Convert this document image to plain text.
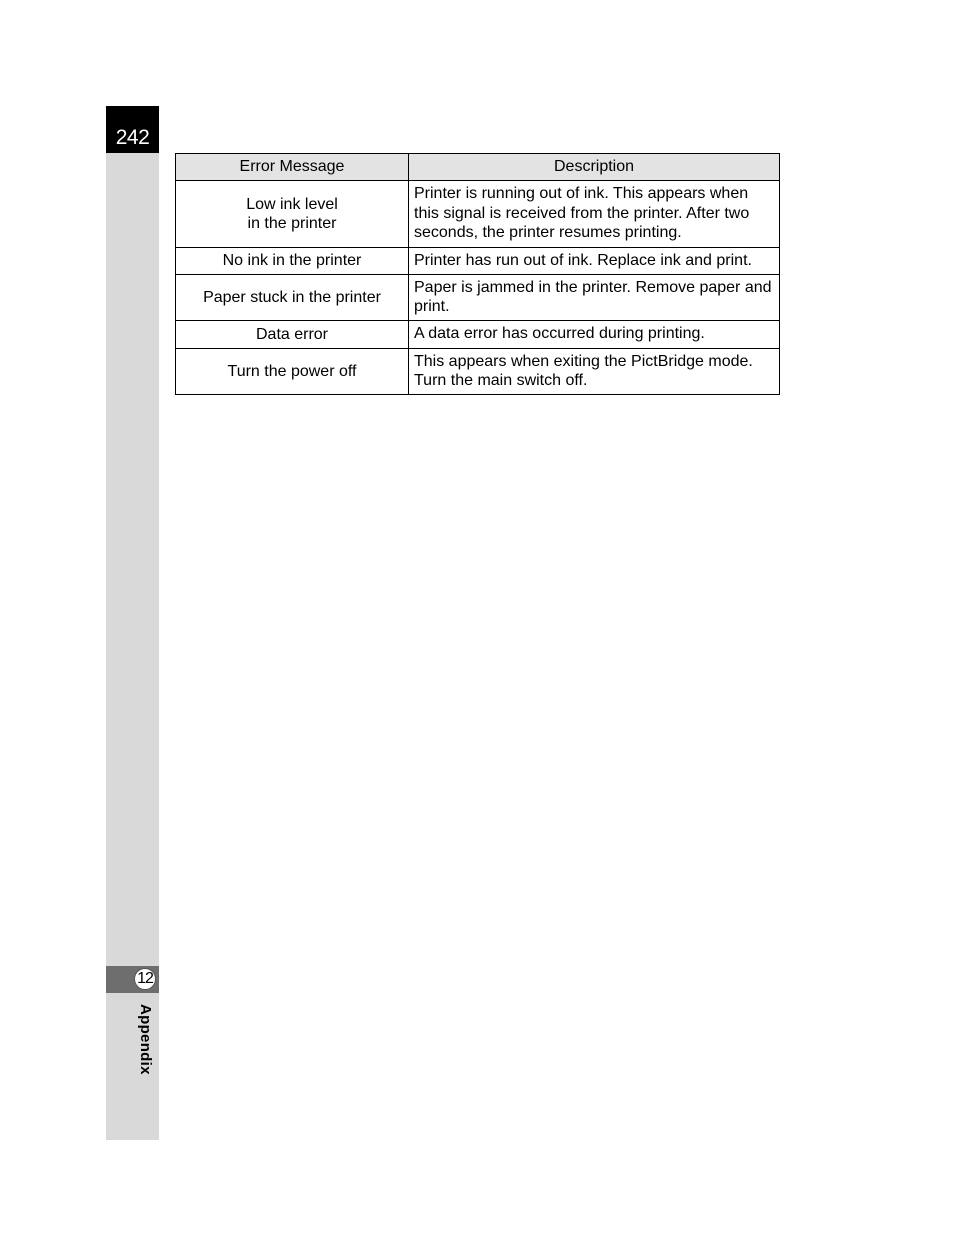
242
12
Appendix
Error Message	Description
Low ink level
in the printer	Printer is running out of ink. This appears when this signal is received from the printer. After two seconds, the printer resumes printing.
No ink in the printer	Printer has run out of ink. Replace ink and print.
Paper stuck in the printer	Paper is jammed in the printer. Remove paper and print.
Data error	A data error has occurred during printing.
Turn the power off	This appears when exiting the PictBridge mode. Turn the main switch off.
